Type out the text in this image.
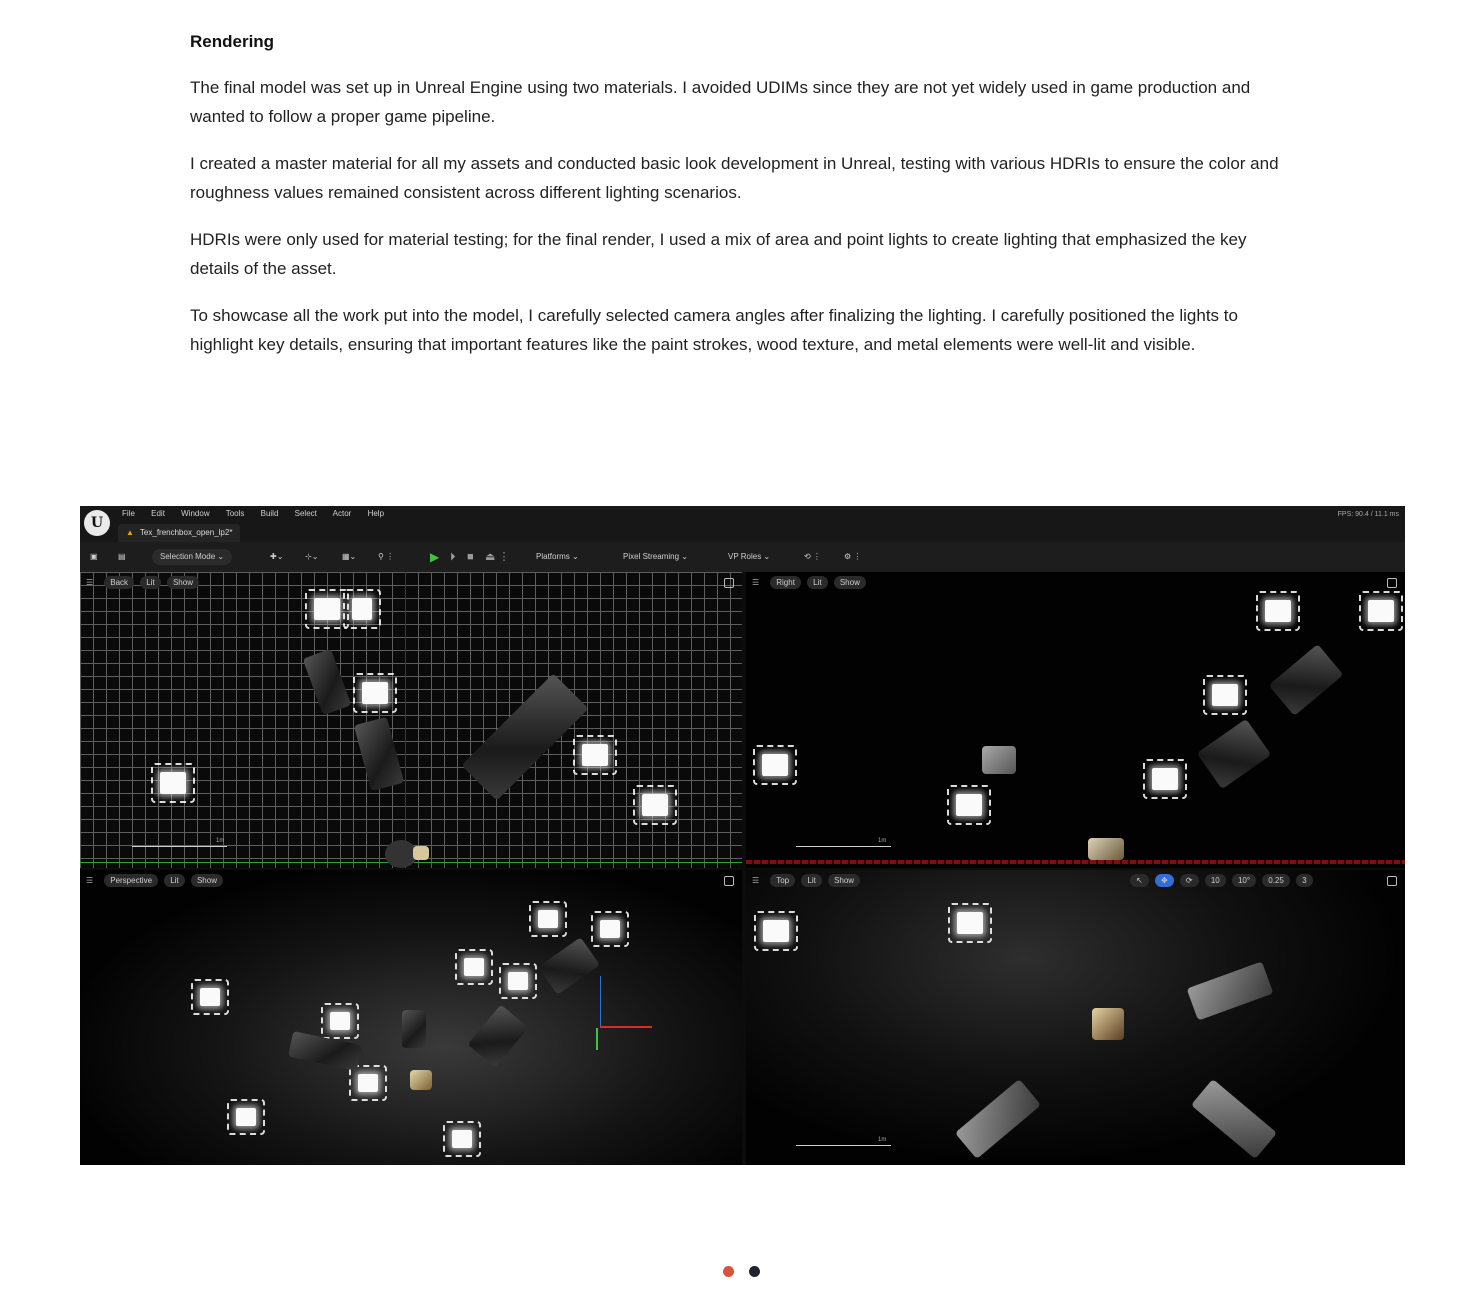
Rendering

The final model was set up in Unreal Engine using two materials. I avoided UDIMs since they are not yet widely used in game production and wanted to follow a proper game pipeline.

I created a master material for all my assets and conducted basic look development in Unreal, testing with various HDRIs to ensure the color and roughness values remained consistent across different lighting scenarios.

HDRIs were only used for material testing; for the final render, I used a mix of area and point lights to create lighting that emphasized the key details of the asset.

To showcase all the work put into the model, I carefully selected camera angles after finalizing the lighting. I carefully positioned the lights to highlight key details, ensuring that important features like the paint strokes, wood texture, and metal elements were well-lit and visible.

U
File Edit Window Tools Build Select Actor Help
▲ Tex_frenchbox_open_lp2*
FPS: 90.4 / 11.1 ms
▣	▤	Selection Mode ⌄	✚⌄	⊹⌄	▦⌄	⚲ ⋮	▶ ⏵ ■ ⏏ ⋮	Platforms ⌄	Pixel Streaming ⌄	VP Roles ⌄	⟲ ⋮	⚙ ⋮
☰ Back Lit Show
1m
☰ Right Lit Show
1m
☰ Perspective Lit Show	☰ Top Lit Show	↖ ✥ ⟳ 10 10° 0.25 3
1m
